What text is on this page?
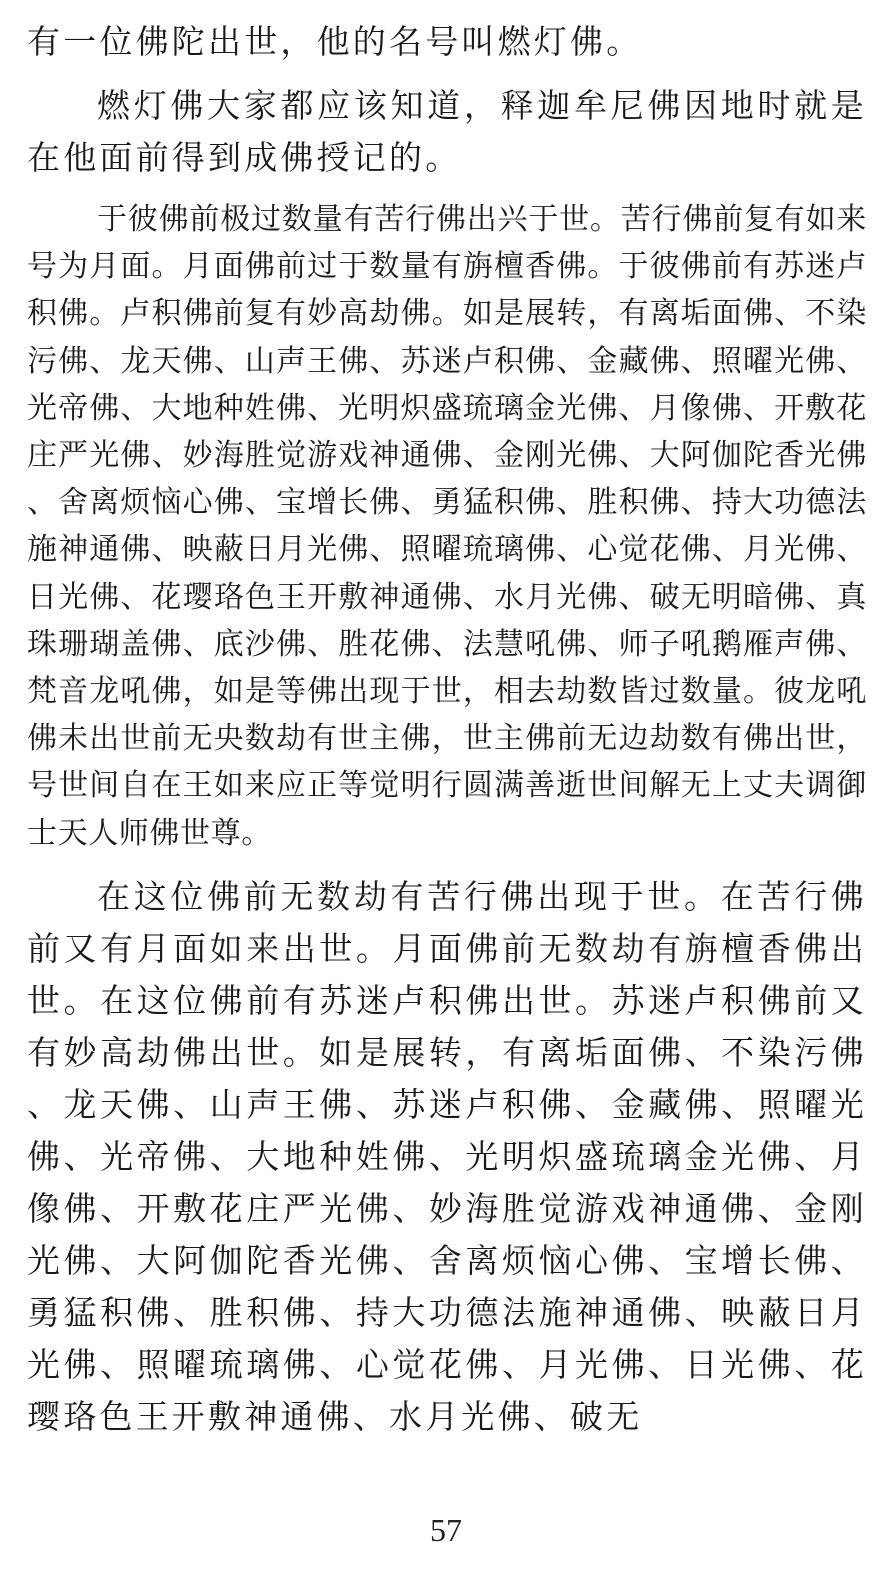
有一位佛陀出世，他的名号叫燃灯佛。

燃灯佛大家都应该知道，释迦牟尼佛因地时就是在他面前得到成佛授记的。

于彼佛前极过数量有苦行佛出兴于世。苦行佛前复有如来号为月面。月面佛前过于数量有旃檀香佛。于彼佛前有苏迷卢积佛。卢积佛前复有妙高劫佛。如是展转，有离垢面佛、不染污佛、龙天佛、山声王佛、苏迷卢积佛、金藏佛、照曜光佛、光帝佛、大地种姓佛、光明炽盛琉璃金光佛、月像佛、开敷花庄严光佛、妙海胜觉游戏神通佛、金刚光佛、大阿伽陀香光佛、舍离烦恼心佛、宝增长佛、勇猛积佛、胜积佛、持大功德法施神通佛、映蔽日月光佛、照曜琉璃佛、心觉花佛、月光佛、日光佛、花璎珞色王开敷神通佛、水月光佛、破无明暗佛、真珠珊瑚盖佛、底沙佛、胜花佛、法慧吼佛、师子吼鹅雁声佛、梵音龙吼佛，如是等佛出现于世，相去劫数皆过数量。彼龙吼佛未出世前无央数劫有世主佛，世主佛前无边劫数有佛出世，号世间自在王如来应正等觉明行圆满善逝世间解无上丈夫调御士天人师佛世尊。

在这位佛前无数劫有苦行佛出现于世。在苦行佛前又有月面如来出世。月面佛前无数劫有旃檀香佛出世。在这位佛前有苏迷卢积佛出世。苏迷卢积佛前又有妙高劫佛出世。如是展转，有离垢面佛、不染污佛、龙天佛、山声王佛、苏迷卢积佛、金藏佛、照曜光佛、光帝佛、大地种姓佛、光明炽盛琉璃金光佛、月像佛、开敷花庄严光佛、妙海胜觉游戏神通佛、金刚光佛、大阿伽陀香光佛、舍离烦恼心佛、宝增长佛、勇猛积佛、胜积佛、持大功德法施神通佛、映蔽日月光佛、照曜琉璃佛、心觉花佛、月光佛、日光佛、花璎珞色王开敷神通佛、水月光佛、破无

57
